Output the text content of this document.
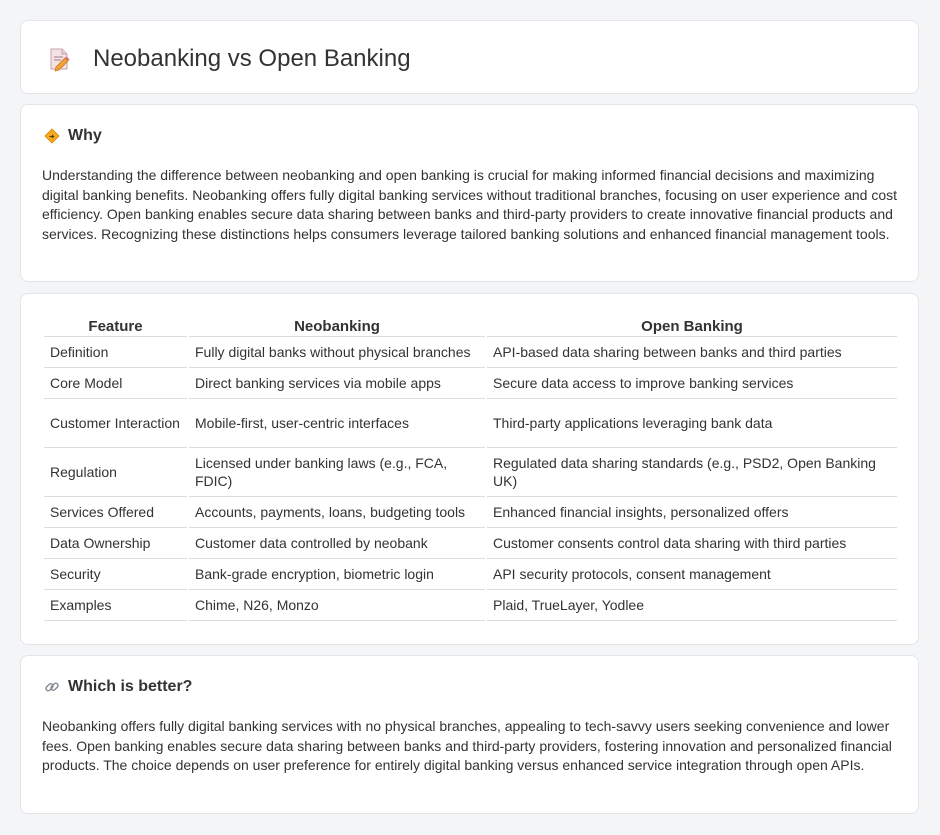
Neobanking vs Open Banking
Why

Understanding the difference between neobanking and open banking is crucial for making informed financial decisions and maximizing digital banking benefits. Neobanking offers fully digital banking services without traditional branches, focusing on user experience and cost efficiency. Open banking enables secure data sharing between banks and third-party providers to create innovative financial products and services. Recognizing these distinctions helps consumers leverage tailored banking solutions and enhanced financial management tools.

Feature	Neobanking	Open Banking
Definition	Fully digital banks without physical branches	API-based data sharing between banks and third parties
Core Model	Direct banking services via mobile apps	Secure data access to improve banking services
Customer Interaction	Mobile-first, user-centric interfaces	Third-party applications leveraging bank data
Regulation	Licensed under banking laws (e.g., FCA, FDIC)	Regulated data sharing standards (e.g., PSD2, Open Banking UK)
Services Offered	Accounts, payments, loans, budgeting tools	Enhanced financial insights, personalized offers
Data Ownership	Customer data controlled by neobank	Customer consents control data sharing with third parties
Security	Bank-grade encryption, biometric login	API security protocols, consent management
Examples	Chime, N26, Monzo	Plaid, TrueLayer, Yodlee
Which is better?

Neobanking offers fully digital banking services with no physical branches, appealing to tech-savvy users seeking convenience and lower fees. Open banking enables secure data sharing between banks and third-party providers, fostering innovation and personalized financial products. The choice depends on user preference for entirely digital banking versus enhanced service integration through open APIs.
